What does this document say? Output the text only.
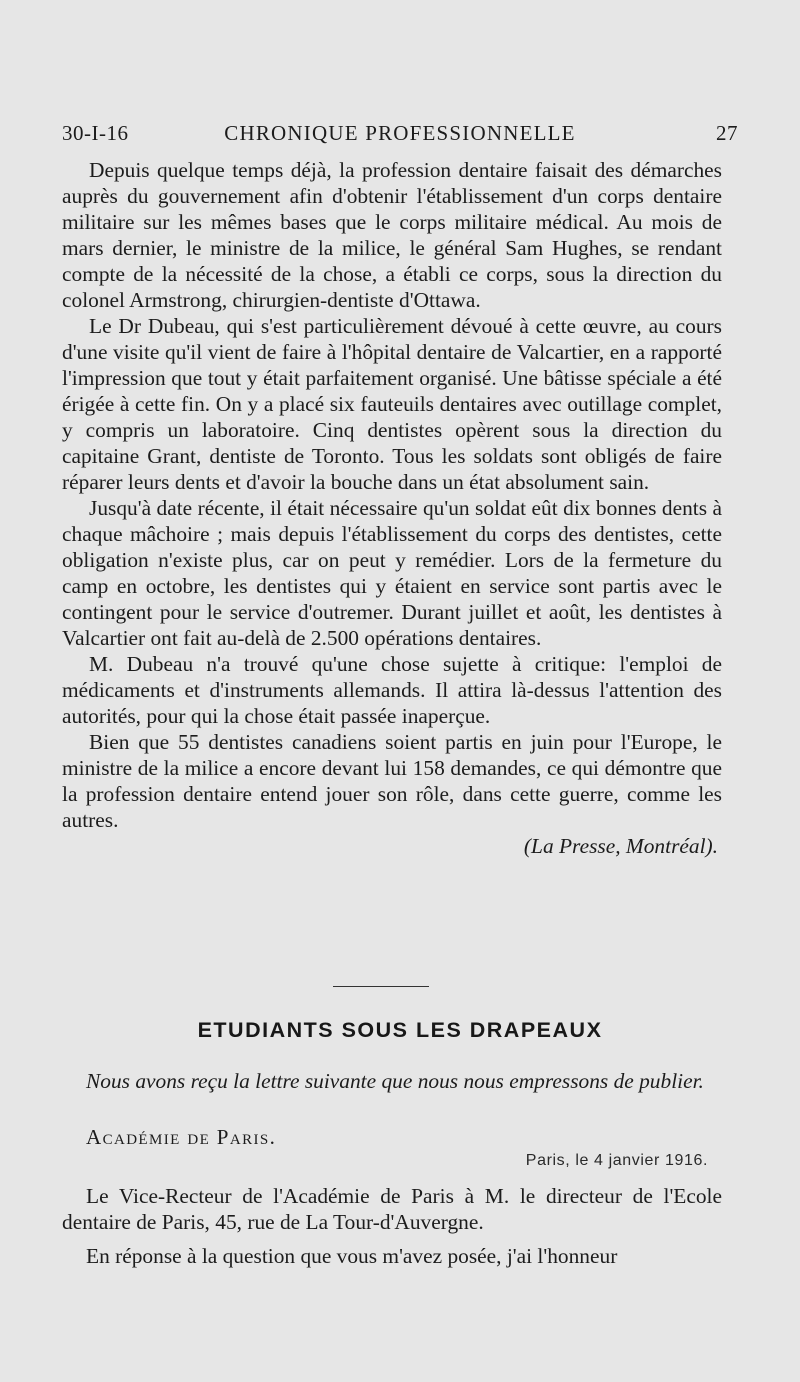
30-I-16	CHRONIQUE PROFESSIONNELLE	27

Depuis quelque temps déjà, la profession dentaire faisait des démarches auprès du gouvernement afin d'obtenir l'établissement d'un corps dentaire militaire sur les mêmes bases que le corps militaire médical. Au mois de mars dernier, le ministre de la milice, le général Sam Hughes, se rendant compte de la nécessité de la chose, a établi ce corps, sous la direction du colonel Armstrong, chirurgien-dentiste d'Ottawa.

Le Dr Dubeau, qui s'est particulièrement dévoué à cette œuvre, au cours d'une visite qu'il vient de faire à l'hôpital dentaire de Valcartier, en a rapporté l'impression que tout y était parfaitement organisé. Une bâtisse spéciale a été érigée à cette fin. On y a placé six fauteuils dentaires avec outillage complet, y compris un laboratoire. Cinq dentistes opèrent sous la direction du capitaine Grant, dentiste de Toronto. Tous les soldats sont obligés de faire réparer leurs dents et d'avoir la bouche dans un état absolument sain.

Jusqu'à date récente, il était nécessaire qu'un soldat eût dix bonnes dents à chaque mâchoire ; mais depuis l'établissement du corps des dentistes, cette obligation n'existe plus, car on peut y remédier. Lors de la fermeture du camp en octobre, les dentistes qui y étaient en service sont partis avec le contingent pour le service d'outremer. Durant juillet et août, les dentistes à Valcartier ont fait au-delà de 2.500 opérations dentaires.

M. Dubeau n'a trouvé qu'une chose sujette à critique: l'emploi de médicaments et d'instruments allemands. Il attira là-dessus l'attention des autorités, pour qui la chose était passée inaperçue.

Bien que 55 dentistes canadiens soient partis en juin pour l'Europe, le ministre de la milice a encore devant lui 158 demandes, ce qui démontre que la profession dentaire entend jouer son rôle, dans cette guerre, comme les autres.

(La Presse, Montréal).

ETUDIANTS SOUS LES DRAPEAUX

Nous avons reçu la lettre suivante que nous nous empressons de publier.

Académie de Paris.
Paris, le 4 janvier 1916.

Le Vice-Recteur de l'Académie de Paris à M. le directeur de l'Ecole dentaire de Paris, 45, rue de La Tour-d'Auvergne.

En réponse à la question que vous m'avez posée, j'ai l'honneur
